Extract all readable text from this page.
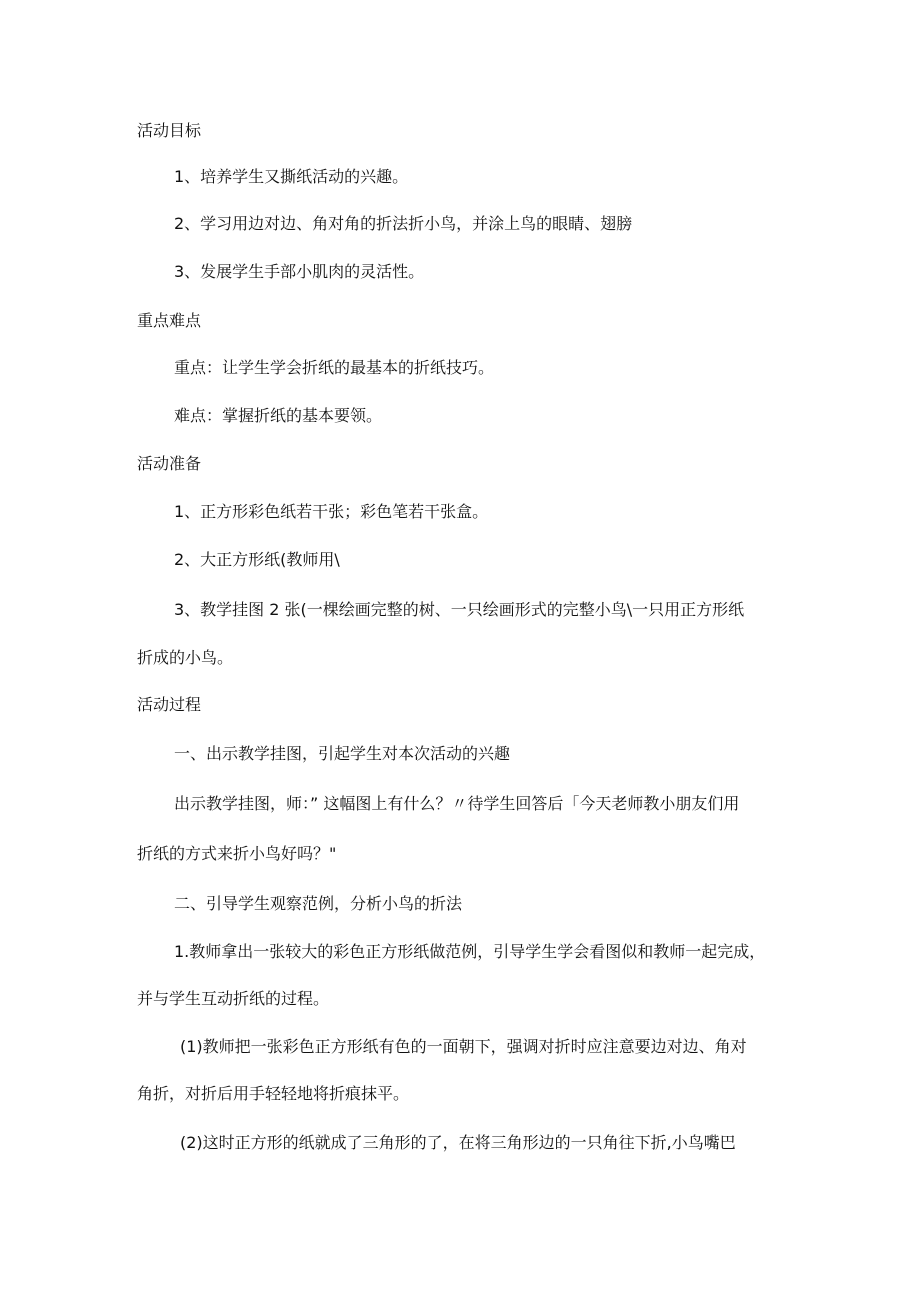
活动目标
1、培养学生又撕纸活动的兴趣。
2、学习用边对边、角对角的折法折小鸟，并涂上鸟的眼睛、翅膀
3、发展学生手部小肌肉的灵活性。
重点难点
重点：让学生学会折纸的最基本的折纸技巧。
难点：掌握折纸的基本要领。
活动准备
1、正方形彩色纸若干张；彩色笔若干张盒。
2、大正方形纸(教师用\
3、教学挂图 2 张(一棵绘画完整的树、一只绘画形式的完整小鸟\一只用正方形纸
折成的小鸟。
活动过程
一、出示教学挂图，引起学生对本次活动的兴趣
出示教学挂图，师：” 这幅图上有什么？〃待学生回答后「今天老师教小朋友们用
折纸的方式来折小鸟好吗？"
二、引导学生观察范例，分析小鸟的折法
1.教师拿出一张较大的彩色正方形纸做范例，引导学生学会看图似和教师一起完成，
并与学生互动折纸的过程。
(1)教师把一张彩色正方形纸有色的一面朝下，强调对折时应注意要边对边、角对
角折，对折后用手轻轻地将折痕抹平。
(2)这时正方形的纸就成了三角形的了，在将三角形边的一只角往下折,小鸟嘴巴
